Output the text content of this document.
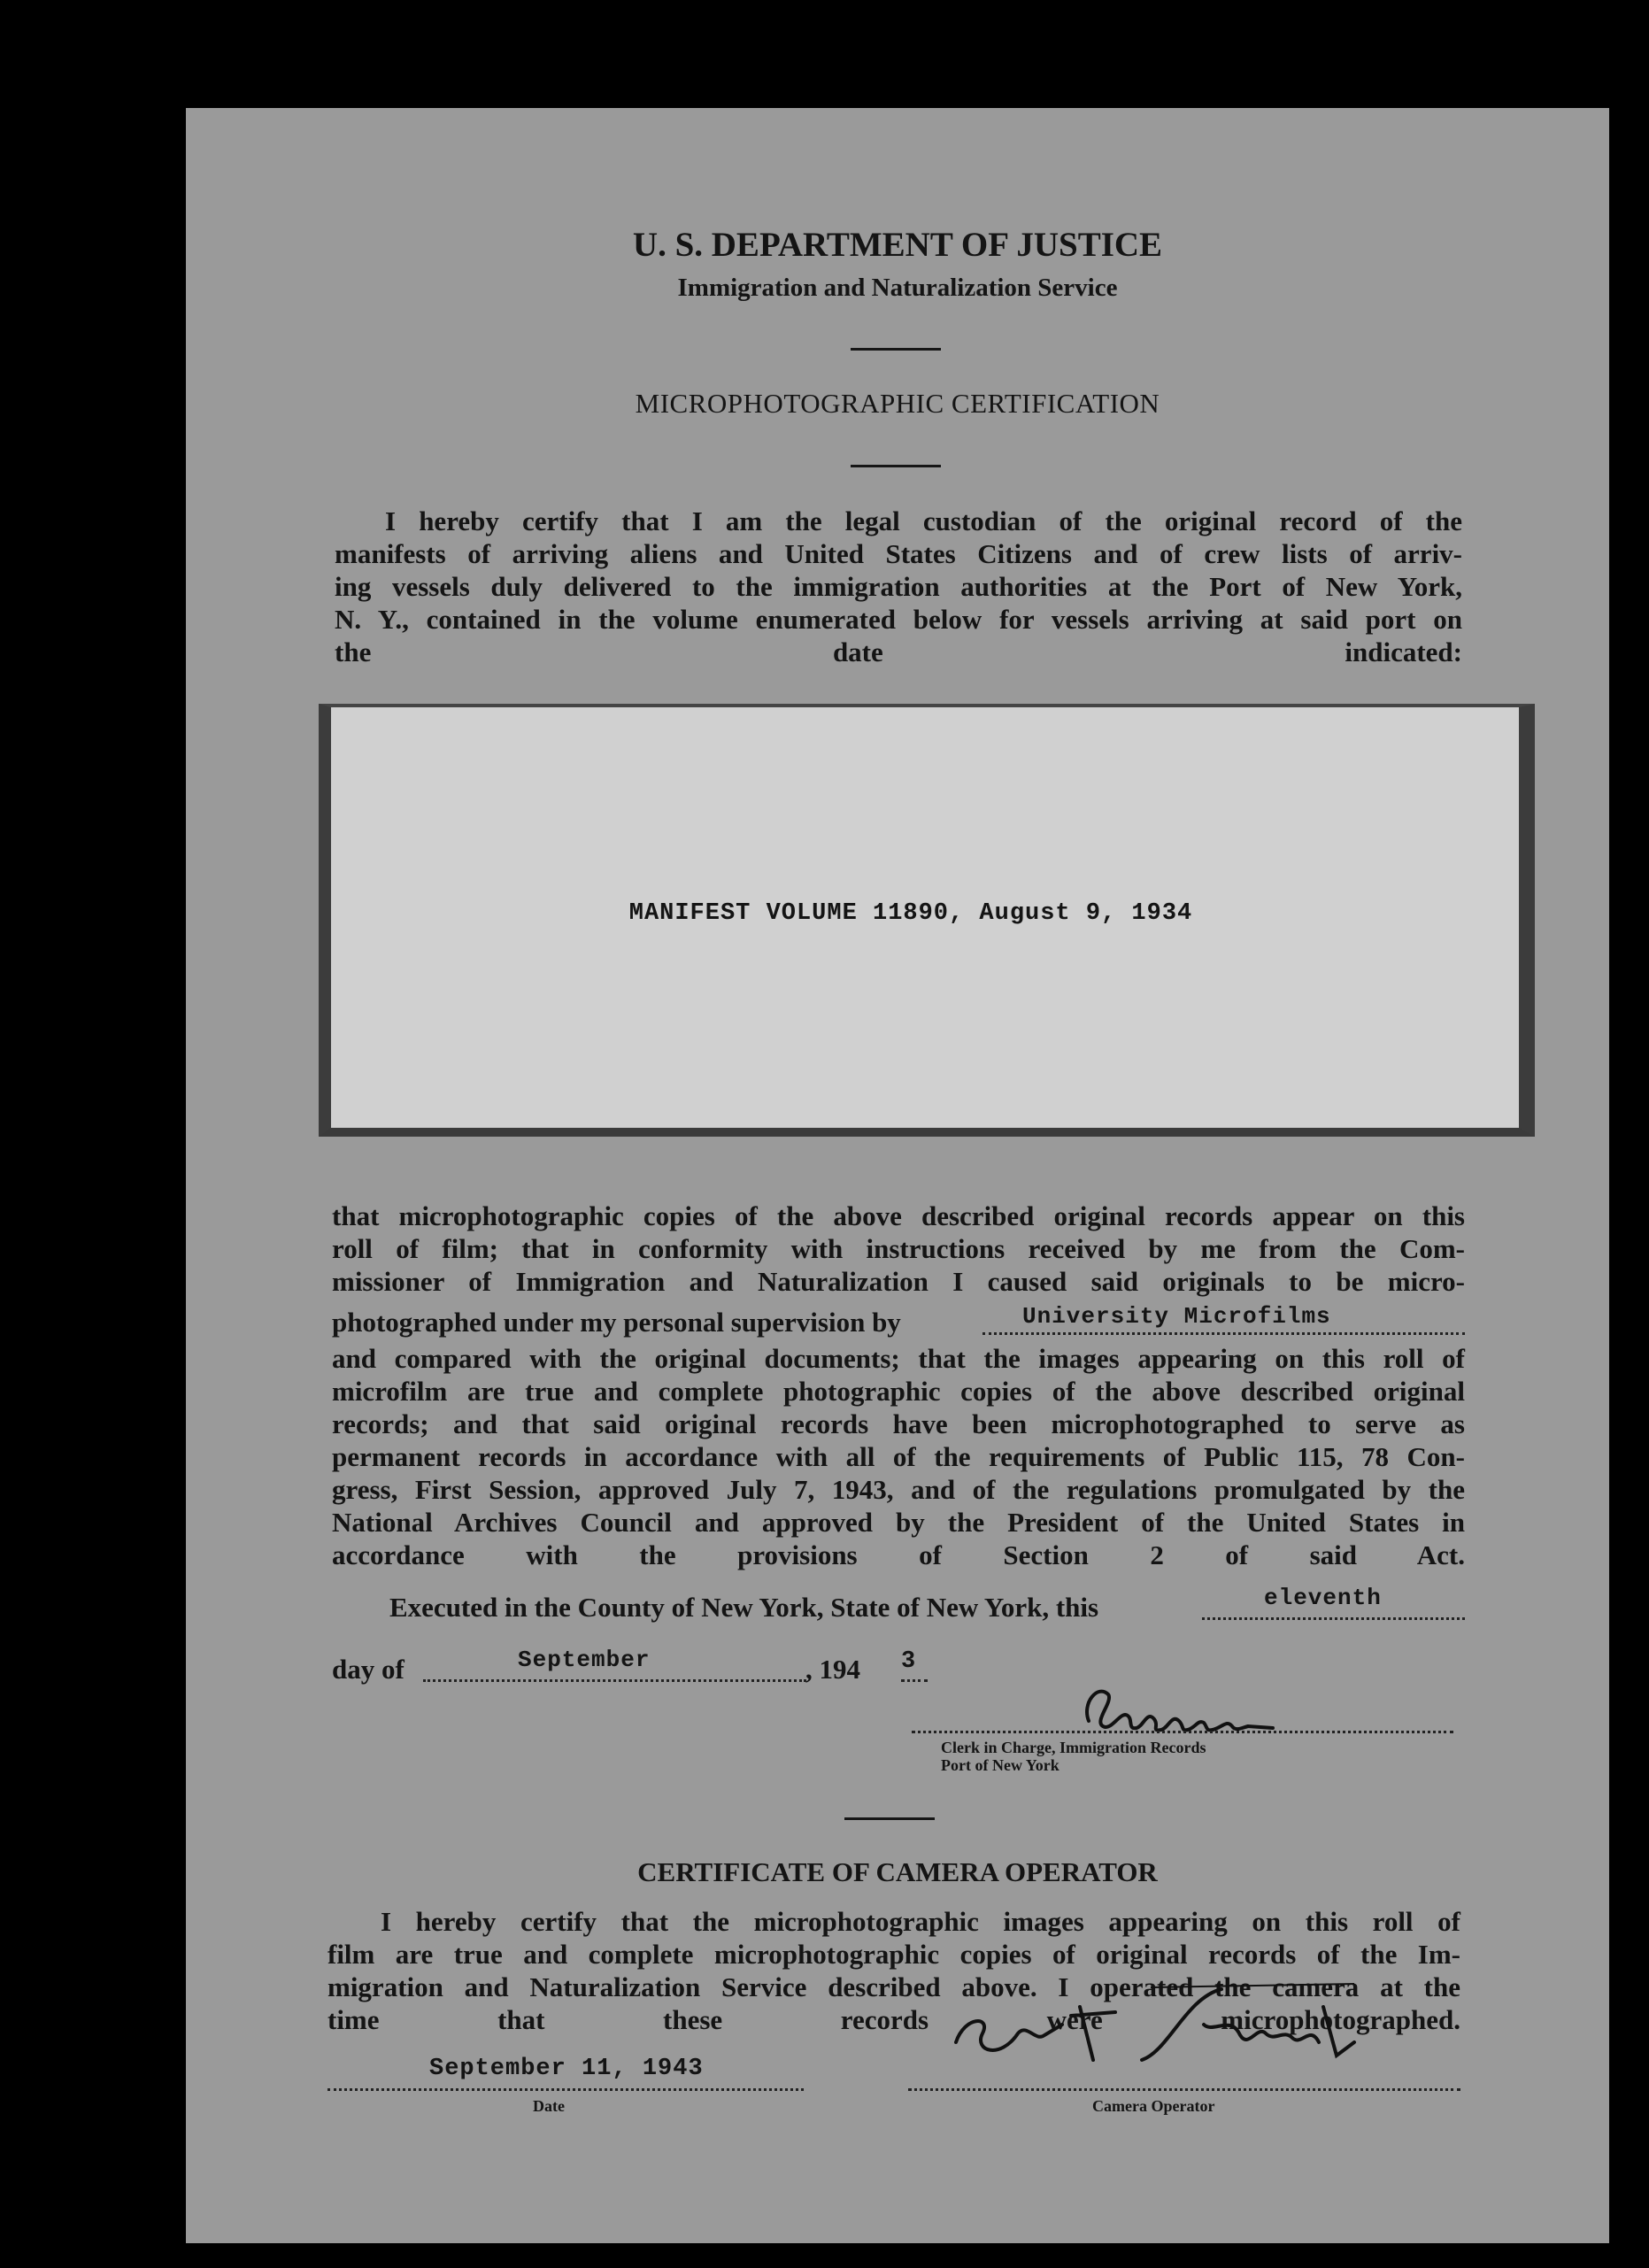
U. S. DEPARTMENT OF JUSTICE
Immigration and Naturalization Service
MICROPHOTOGRAPHIC CERTIFICATION
I hereby certify that I am the legal custodian of the original record of the
manifests of arriving aliens and United States Citizens and of crew lists of arriv-
ing vessels duly delivered to the immigration authorities at the Port of New York,
N. Y., contained in the volume enumerated below for vessels arriving at said port on
the date indicated:
MANIFEST VOLUME 11890, August 9, 1934
that microphotographic copies of the above described original records appear on this
roll of film; that in conformity with instructions received by me from the Com-
missioner of Immigration and Naturalization I caused said originals to be micro-
photographed under my personal supervision by	University Microfilms
and compared with the original documents; that the images appearing on this roll of
microfilm are true and complete photographic copies of the above described original
records; and that said original records have been microphotographed to serve as
permanent records in accordance with all of the requirements of Public 115, 78 Con-
gress, First Session, approved July 7, 1943, and of the regulations promulgated by the
National Archives Council and approved by the President of the United States in
accordance with the provisions of Section 2 of said Act.
Executed in the County of New York, State of New York, this	eleventh
day of	September	, 194 3
Clerk in Charge, Immigration Records
Port of New York
CERTIFICATE OF CAMERA OPERATOR
I hereby certify that the microphotographic images appearing on this roll of
film are true and complete microphotographic copies of original records of the Im-
migration and Naturalization Service described above. I operated the camera at the
time that these records were microphotographed.
September 11, 1943
Date	Camera Operator
